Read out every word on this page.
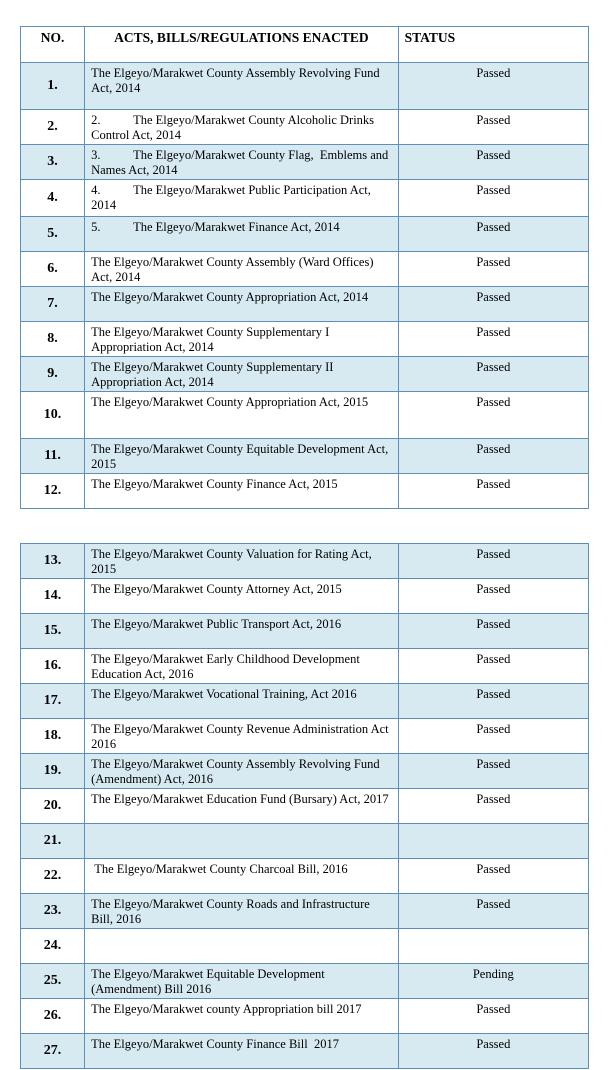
NO.	ACTS, BILLS/REGULATIONS ENACTED	STATUS
1.	The Elgeyo/Marakwet County Assembly Revolving Fund Act, 2014	Passed
2.	2. The Elgeyo/Marakwet County Alcoholic Drinks Control Act, 2014	Passed
3.	3. The Elgeyo/Marakwet County Flag,  Emblems and Names Act, 2014	Passed
4.	4. The Elgeyo/Marakwet Public Participation Act, 2014	Passed
5.	5. The Elgeyo/Marakwet Finance Act, 2014	Passed
6.	The Elgeyo/Marakwet County Assembly (Ward Offices) Act, 2014	Passed
7.	The Elgeyo/Marakwet County Appropriation Act, 2014	Passed
8.	The Elgeyo/Marakwet County Supplementary I Appropriation Act, 2014	Passed
9.	The Elgeyo/Marakwet County Supplementary II Appropriation Act, 2014	Passed
10.	The Elgeyo/Marakwet County Appropriation Act, 2015	Passed
11.	The Elgeyo/Marakwet County Equitable Development Act, 2015	Passed
12.	The Elgeyo/Marakwet County Finance Act, 2015	Passed
13.	The Elgeyo/Marakwet County Valuation for Rating Act, 2015	Passed
14.	The Elgeyo/Marakwet County Attorney Act, 2015	Passed
15.	The Elgeyo/Marakwet Public Transport Act, 2016	Passed
16.	The Elgeyo/Marakwet Early Childhood Development Education Act, 2016	Passed
17.	The Elgeyo/Marakwet Vocational Training, Act 2016	Passed
18.	The Elgeyo/Marakwet County Revenue Administration Act 2016	Passed
19.	The Elgeyo/Marakwet County Assembly Revolving Fund (Amendment) Act, 2016	Passed
20.	The Elgeyo/Marakwet Education Fund (Bursary) Act, 2017	Passed
21.		
22.	The Elgeyo/Marakwet County Charcoal Bill, 2016	Passed
23.	The Elgeyo/Marakwet County Roads and Infrastructure Bill, 2016	Passed
24.		
25.	The Elgeyo/Marakwet Equitable Development (Amendment) Bill 2016	Pending
26.	The Elgeyo/Marakwet county Appropriation bill 2017	Passed
27.	The Elgeyo/Marakwet County Finance Bill  2017	Passed
